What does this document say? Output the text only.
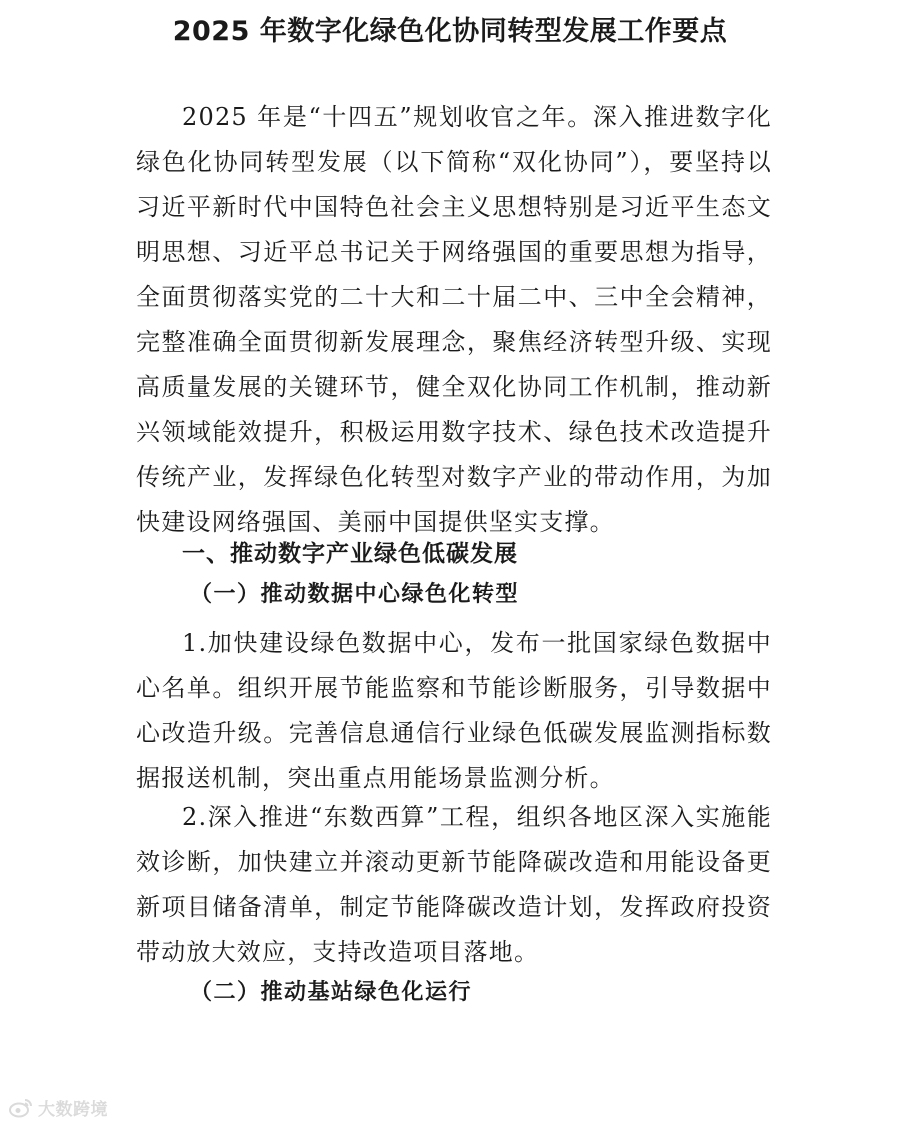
2025 年数字化绿色化协同转型发展工作要点

2025 年是“十四五”规划收官之年。深入推进数字化绿色化协同转型发展（以下简称“双化协同”），要坚持以习近平新时代中国特色社会主义思想特别是习近平生态文明思想、习近平总书记关于网络强国的重要思想为指导，全面贯彻落实党的二十大和二十届二中、三中全会精神，完整准确全面贯彻新发展理念，聚焦经济转型升级、实现高质量发展的关键环节，健全双化协同工作机制，推动新兴领域能效提升，积极运用数字技术、绿色技术改造提升传统产业，发挥绿色化转型对数字产业的带动作用，为加快建设网络强国、美丽中国提供坚实支撑。

一、推动数字产业绿色低碳发展
（一）推动数据中心绿色化转型

1.加快建设绿色数据中心，发布一批国家绿色数据中心名单。组织开展节能监察和节能诊断服务，引导数据中心改造升级。完善信息通信行业绿色低碳发展监测指标数据报送机制，突出重点用能场景监测分析。

2.深入推进“东数西算”工程，组织各地区深入实施能效诊断，加快建立并滚动更新节能降碳改造和用能设备更新项目储备清单，制定节能降碳改造计划，发挥政府投资带动放大效应，支持改造项目落地。

（二）推动基站绿色化运行
大数跨境
